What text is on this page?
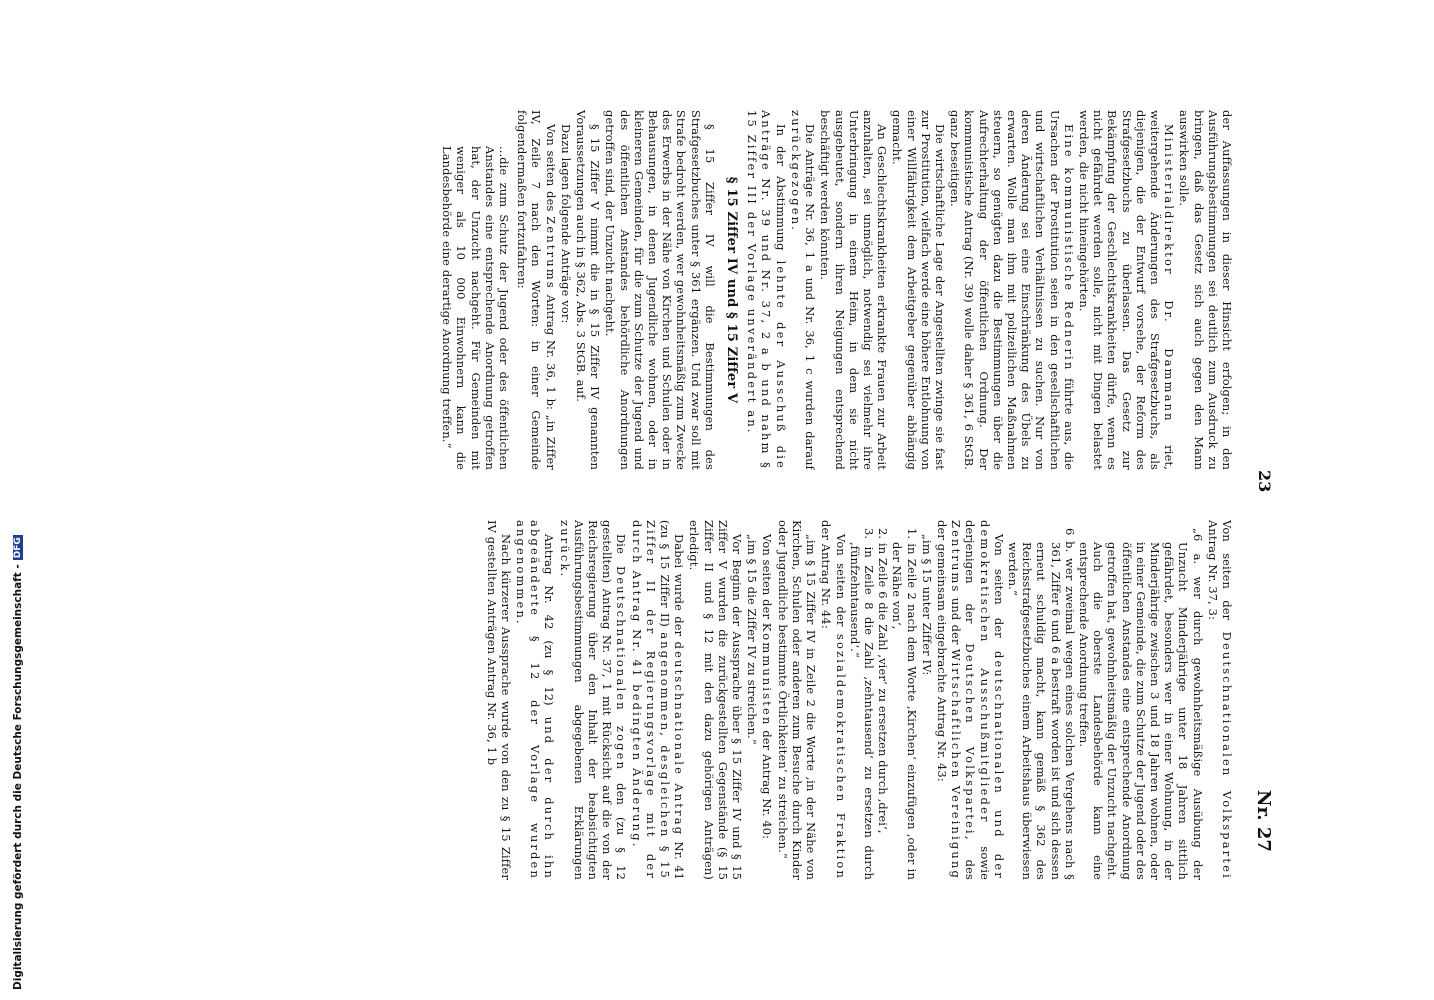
23
Nr. 27

der Auffassungen in dieser Hinsicht erfolgen; in den Ausführungsbestimmungen sei deutlich zum Ausdruck zu bringen, daß das Gesetz sich auch gegen den Mann auswirken solle.

Ministerialdirektor Dr. Dammann riet, weitergehende Änderungen des Strafgesetzbuchs, als diejenigen, die der Entwurf vorsehe, der Reform des Strafgesetzbuchs zu überlassen. Das Gesetz zur Bekämpfung der Geschlechtskrankheiten dürfe, wenn es nicht gefährdet werden solle, nicht mit Dingen belastet werden, die nicht hineingehörten.

Eine kommunistische Rednerin führte aus, die Ursachen der Prostitution seien in den gesellschaftlichen und wirtschaftlichen Verhältnissen zu suchen. Nur von deren Änderung sei eine Einschränkung des Übels zu erwarten. Wolle man ihm mit polizeilichen Maßnahmen steuern, so genügten dazu die Bestimmungen über die Aufrechterhaltung der öffentlichen Ordnung. Der kommunistische Antrag (Nr. 39) wolle daher § 361, 6 StGB. ganz beseitigen.

Die wirtschaftliche Lage der Angestellten zwinge sie fast zur Prostitution, vielfach werde eine höhere Entlohnung von einer Willfährigkeit dem Arbeitgeber gegenüber abhängig gemacht.

An Geschlechtskrankheiten erkrankte Frauen zur Arbeit anzuhalten, sei unmöglich, notwendig sei vielmehr ihre Unterbringung in einem Heim, in dem sie nicht ausgebeutet, sondern ihren Neigungen entsprechend beschäftigt werden könnten.

Die Anträge Nr. 36, 1 a und Nr. 36, 1 c wurden darauf zurückgezogen.

In der Abstimmung lehnte der Ausschuß die Anträge Nr. 39 und Nr. 37, 2 a b und nahm § 15 Ziffer III der Vorlage unverändert an.

§ 15 Ziffer IV und § 15 Ziffer V

§ 15 Ziffer IV will die Bestimmungen des Strafgesetzbuches unter § 361 ergänzen. Und zwar soll mit Strafe bedroht werden, wer gewohnheitsmäßig zum Zwecke des Erwerbs in der Nähe von Kirchen und Schulen oder in Behausungen, in denen Jugendliche wohnen, oder in kleineren Gemeinden, für die zum Schutze der Jugend und des öffentlichen Anstandes behördliche Anordnungen getroffen sind, der Unzucht nachgeht.

§ 15 Ziffer V nimmt die in § 15 Ziffer IV genannten Voraussetzungen auch in § 362, Abs. 3 StGB. auf.

Dazu lagen folgende Anträge vor:

Von seiten des Zentrums Antrag Nr. 36, 1 b: „in Ziffer IV, Zeile 7 nach den Worten: in einer Gemeinde folgendermaßen fortzufahren:

...die zum Schutz der Jugend oder des öffentlichen Anstandes eine entsprechende Anordnung getroffen hat, der Unzucht nachgeht. Für Gemeinden mit weniger als 10 000 Einwohnern kann die Landesbehörde eine derartige Anordnung treffen.“

Von seiten der Deutschnationalen Volkspartei Antrag Nr. 37, 3:

„6 a. wer durch gewohnheitsmäßige Ausübung der Unzucht Minderjährige unter 18 Jahren sittlich gefährdet, besonders wer in einer Wohnung, in der Minderjährige zwischen 3 und 18 Jahren wohnen, oder in einer Gemeinde, die zum Schutze der Jugend oder des öffentlichen Anstandes eine entsprechende Anordnung getroffen hat, gewohnheitsmäßig der Unzucht nachgeht. Auch die oberste Landesbehörde kann eine entsprechende Anordnung treffen.

6 b. wer zweimal wegen eines solchen Vergehens nach § 361, Ziffer 6 und 6 a bestraft worden ist und sich dessen erneut schuldig macht, kann gemäß § 362 des Reichsstrafgesetzbuches einem Arbeitshaus überwiesen werden.“

Von seiten der deutschnationalen und der demokratischen Ausschußmitglieder sowie derjenigen der Deutschen Volkspartei, des Zentrums und der Wirtschaftlichen Vereinigung der gemeinsam eingebrachte Antrag Nr. 43:

„im § 15 unter Ziffer IV:

1. in Zeile 2 nach dem Worte ‚Kirchen‘ einzufügen ‚oder in der Nähe von‘,

2. in Zeile 6 die Zahl ‚vier‘ zu ersetzen durch ‚drei‘,

3. in Zeile 8 die Zahl ‚zehntausend‘ zu ersetzen durch ‚fünfzehntausend‘.“

Von seiten der sozialdemokratischen Fraktion der Antrag Nr. 44:

„im § 15 Ziffer IV in Zeile 2 die Worte ‚in der Nähe von Kirchen, Schulen oder anderen zum Besuche durch Kinder oder Jugendliche bestimmte Örtlichkeiten‘ zu streichen.“

Von seiten der Kommunisten der Antrag Nr. 40:

„im § 15 die Ziffer IV zu streichen.“

Vor Beginn der Aussprache über § 15 Ziffer IV und § 15 Ziffer V wurden die zurückgestellten Gegenstände (§ 15 Ziffer II und § 12 mit den dazu gehörigen Anträgen) erledigt.

Dabei wurde der deutschnationale Antrag Nr. 41 (zu § 15 Ziffer II) angenommen, desgleichen § 15 Ziffer II der Regierungsvorlage mit der durch Antrag Nr. 41 bedingten Änderung.

Die Deutschnationalen zogen den (zu § 12 gestellten) Antrag Nr. 37, 1 mit Rücksicht auf die von der Reichsregierung über den Inhalt der beabsichtigten Ausführungsbestimmungen abgegebenen Erklärungen zurück.

Antrag Nr. 42 (zu § 12) und der durch ihn abgeänderte § 12 der Vorlage wurden angenommen.

Nach kürzerer Aussprache wurde von den zu § 15 Ziffer IV gestellten Anträgen Antrag Nr. 36, 1 b

Digitalisierung gefördert durch die Deutsche Forschungsgemeinschaft -DFG
